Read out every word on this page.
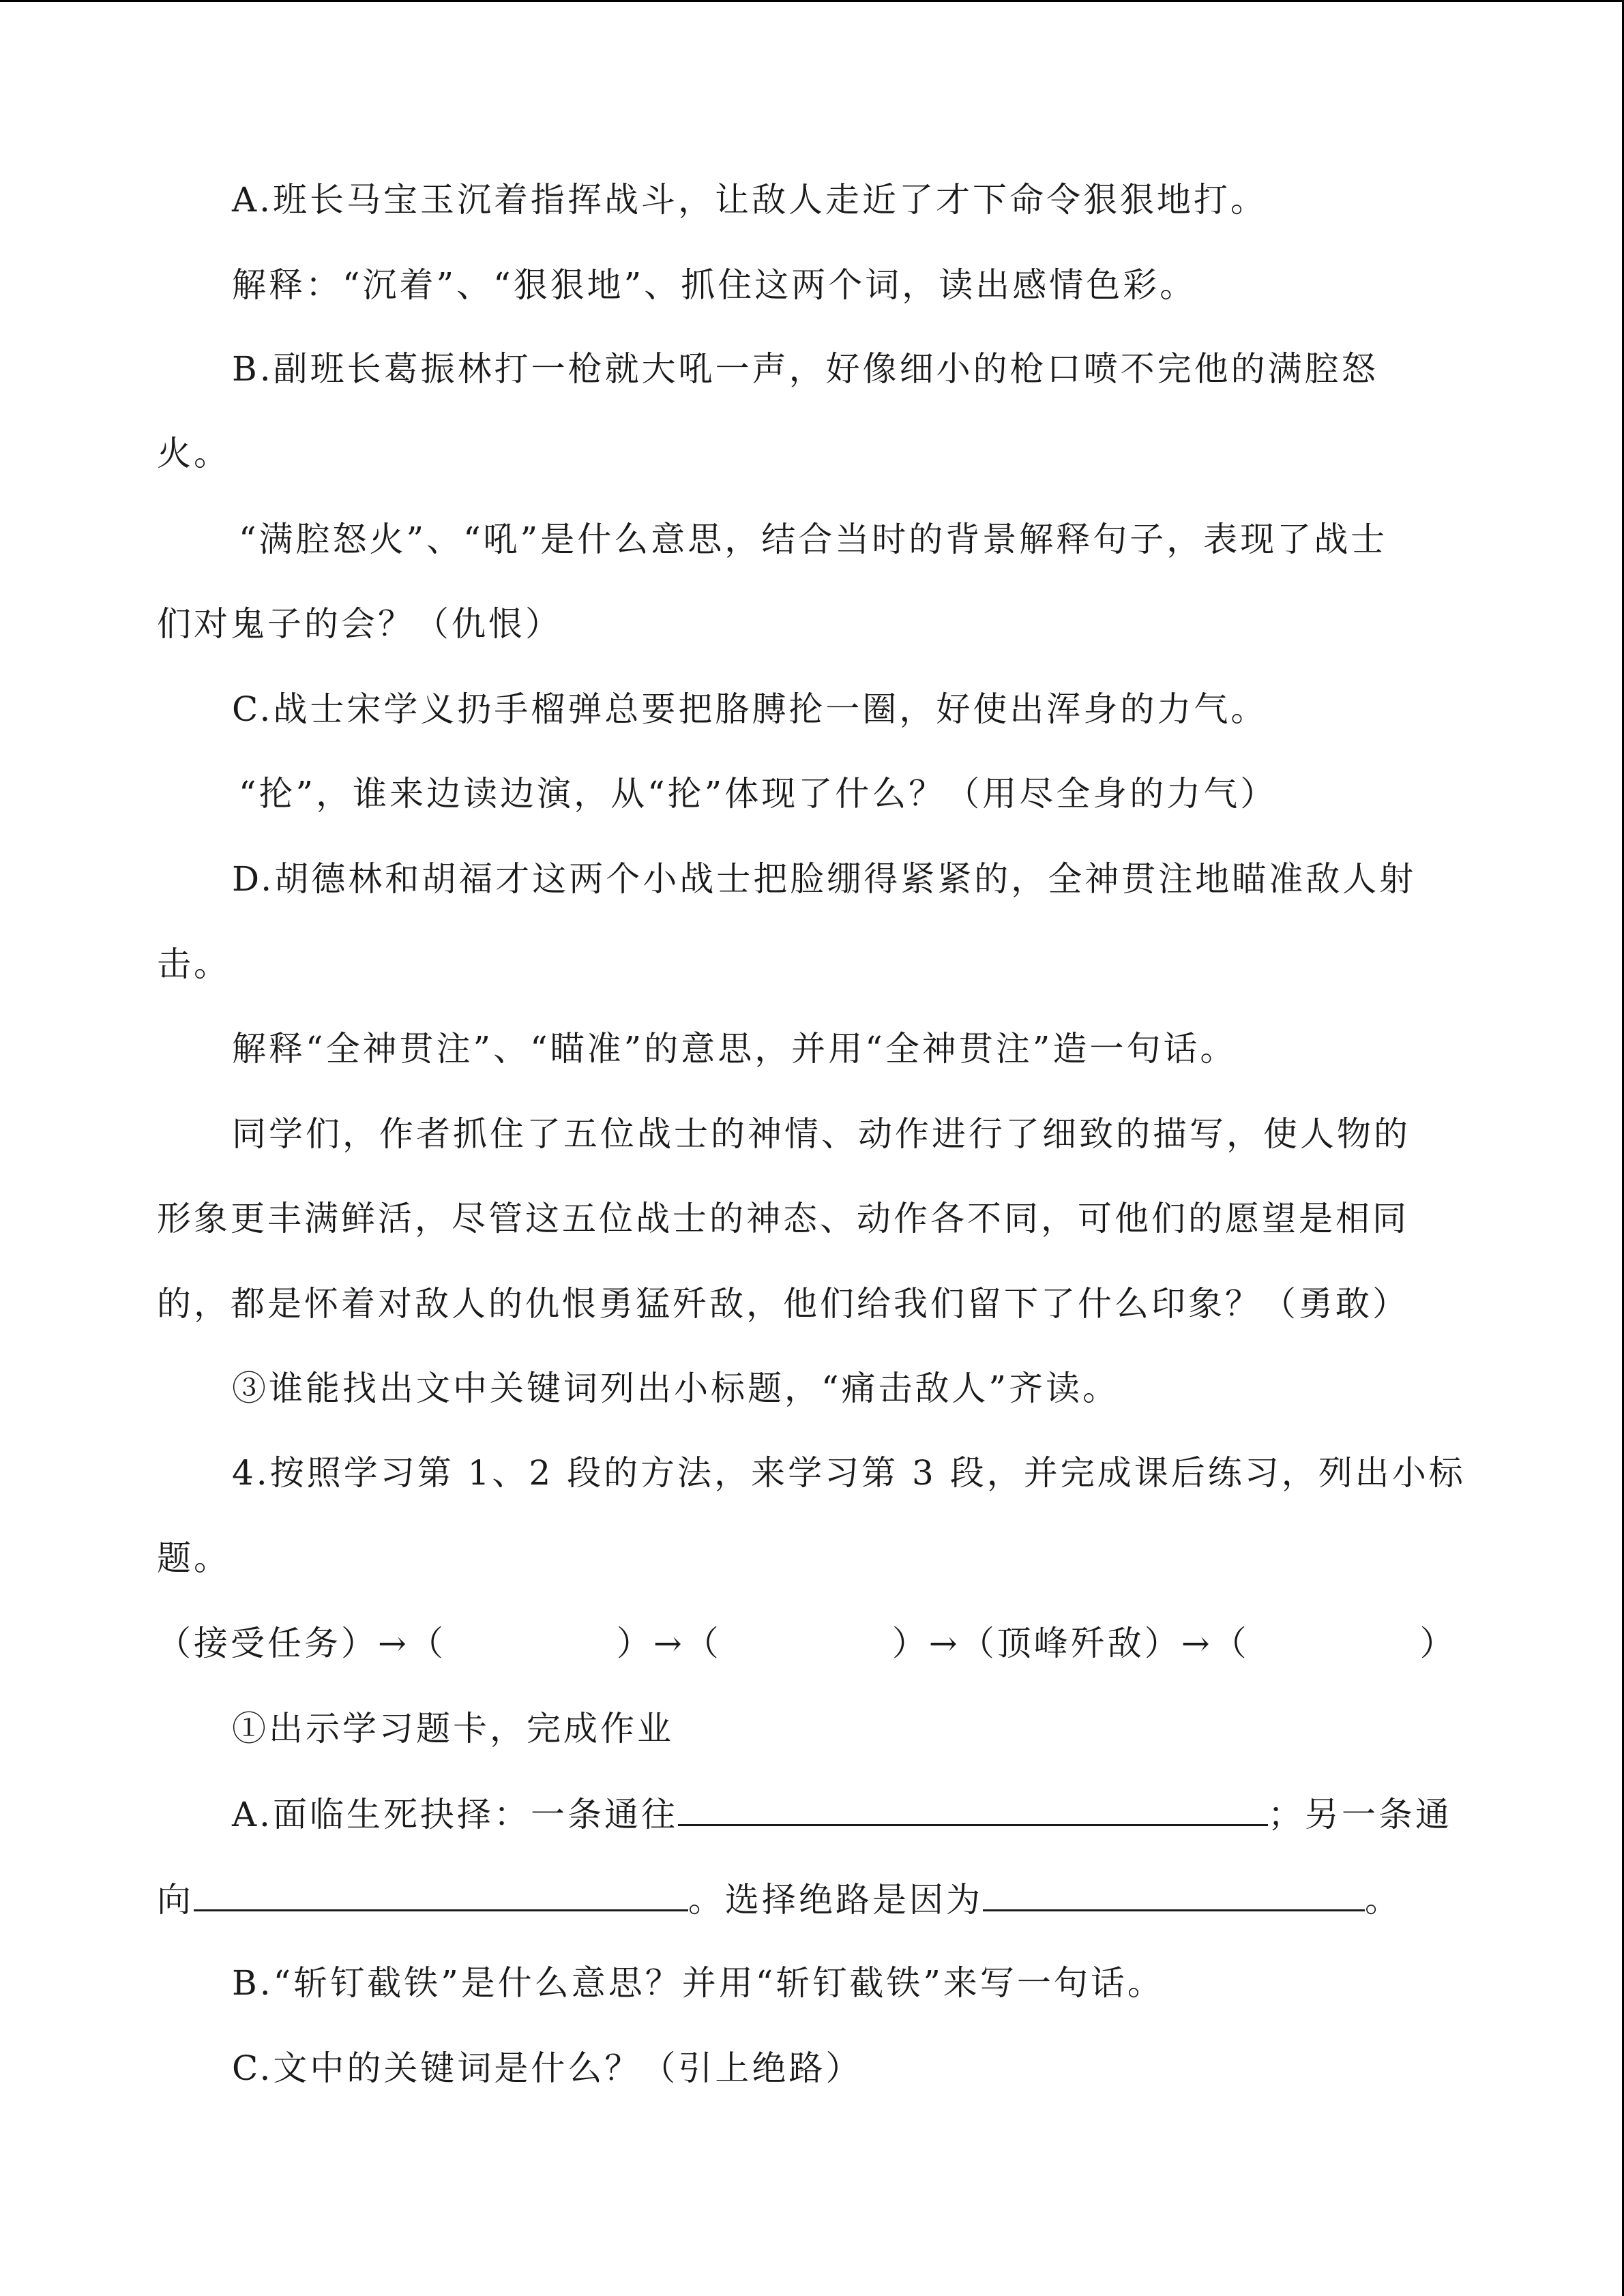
A.班长马宝玉沉着指挥战斗，让敌人走近了才下命令狠狠地打。
解释：“沉着”、“狠狠地”、抓住这两个词，读出感情色彩。
B.副班长葛振林打一枪就大吼一声，好像细小的枪口喷不完他的满腔怒
火。
“满腔怒火”、“吼”是什么意思，结合当时的背景解释句子，表现了战士
们对鬼子的会？（仇恨）
C.战士宋学义扔手榴弹总要把胳膊抡一圈，好使出浑身的力气。
“抡”，谁来边读边演，从“抡”体现了什么？（用尽全身的力气）
D.胡德林和胡福才这两个小战士把脸绷得紧紧的，全神贯注地瞄准敌人射
击。
解释“全神贯注”、“瞄准”的意思，并用“全神贯注”造一句话。
同学们，作者抓住了五位战士的神情、动作进行了细致的描写，使人物的
形象更丰满鲜活，尽管这五位战士的神态、动作各不同，可他们的愿望是相同
的，都是怀着对敌人的仇恨勇猛歼敌，他们给我们留下了什么印象？（勇敢）
③谁能找出文中关键词列出小标题，“痛击敌人”齐读。
4.按照学习第 1、2 段的方法，来学习第 3 段，并完成课后练习，列出小标
题。
（接受任务）→（	）→（	）→（顶峰歼敌）→（	）
①出示学习题卡，完成作业
A.面临生死抉择：一条通往	；另一条通
向	。选择绝路是因为	。
B.“斩钉截铁”是什么意思？并用“斩钉截铁”来写一句话。
C.文中的关键词是什么？（引上绝路）
